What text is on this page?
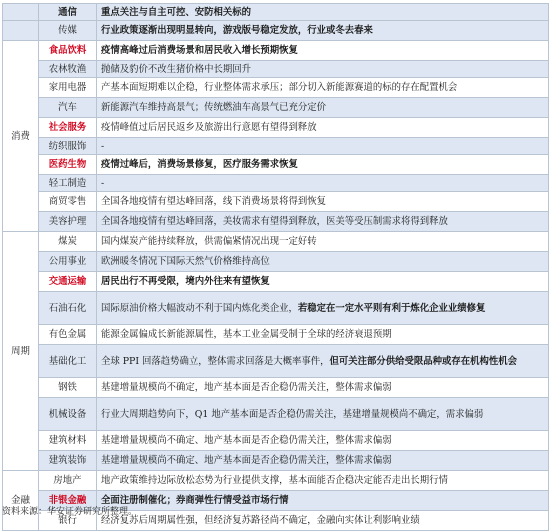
	通信	重点关注与自主可控、安防相关标的
	传媒	行业政策逐渐出现明显转向，游戏版号稳定发放，行业或冬去春来
消费	食品饮料	疫情高峰过后消费场景和居民收入增长预期恢复
	农林牧渔	抛储及豹价不改生猪价格中长期回升
	家用电器	产基本面短期难以企稳，行业整体需求承压；部分切入新能源赛道的标的存在配置机会
	汽车	新能源汽车维持高景气；传统燃油车高景气已充分定价
	社会服务	疫情峰值过后居民返乡及旅游出行意愿有望得到释放
	纺织服饰	-
	医药生物	疫情过峰后，消费场景修复，医疗服务需求恢复
	轻工制造	-
	商贸零售	全国各地疫情有望达峰回落，线下消费场景将得到恢复
	美容护理	全国各地疫情有望达峰回落，美妆需求有望得到释放，医美等受压制需求将得到释放
周期	煤炭	国内煤炭产能持续释放，供需偏紧情况出现一定好转
	公用事业	欧洲暖冬情况下国际天然气价格维持高位
	交通运输	居民出行不再受限，境内外往来有望恢复
	石油石化	国际原油价格大幅波动不利于国内炼化类企业，若稳定在一定水平则有利于炼化企业业绩修复
	有色金属	能源金属偏成长新能源属性，基本工业金属受制于全球的经济衰退预期
	基础化工	全球 PPI 回落趋势确立，整体需求回落是大概率事件，但可关注部分供给受限品种或存在机构性机会
	钢铁	基建增量规模尚不确定，地产基本面是否企稳仍需关注，整体需求偏弱
	机械设备	行业大周期趋势向下，Q1 地产基本面是否企稳仍需关注，基建增量规模尚不确定，需求偏弱
	建筑材料	基建增量规模尚不确定、地产基本面是否企稳仍需关注，整体需求偏弱
	建筑装饰	基建增量规模尚不确定、地产基本面是否企稳仍需关注，整体需求偏弱
金融	房地产	地产政策维持边际放松态势为行业提供支撑，基本面能否企稳决定能否走出长期行情
	非银金融	全面注册制催化；券商弹性行情受益市场行情
	银行	经济复苏后周期属性强，但经济复苏路径尚不确定，金融向实体让利影响业绩
资料来源：华安证券研究所整理。
